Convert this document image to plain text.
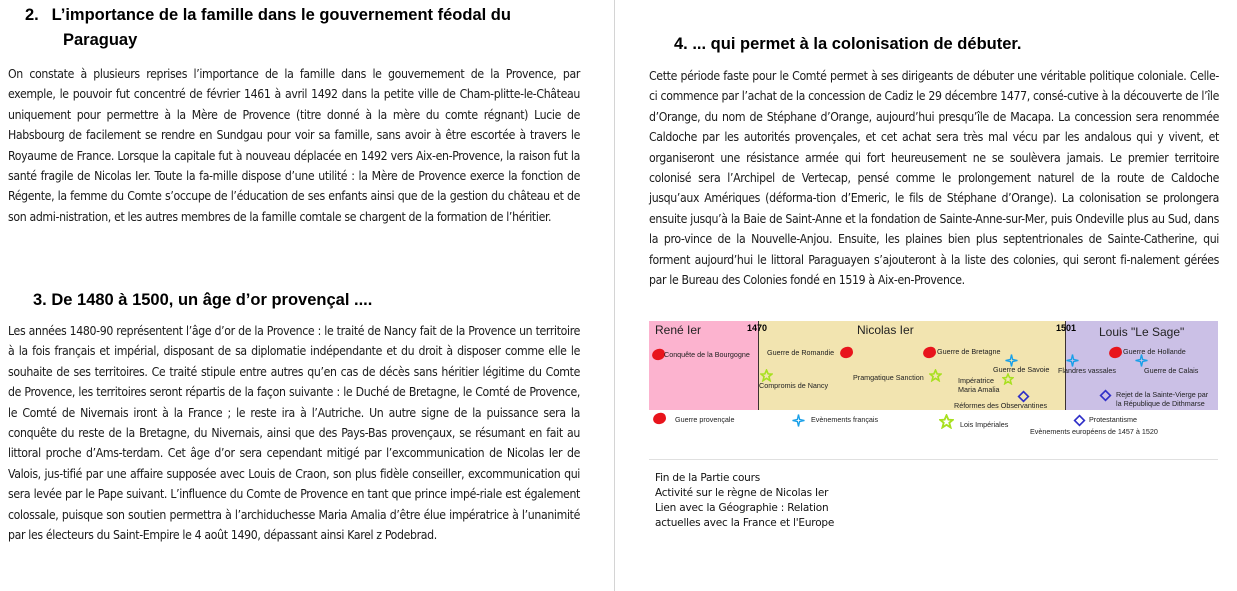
2. L’importance de la famille dans le gouvernement féodal du
Paraguay

On constate à plusieurs reprises l’importance de la famille dans le gouvernement de la Provence, par exemple, le pouvoir fut concentré de février 1461 à avril 1492 dans la petite ville de Cham-plitte-le-Château uniquement pour permettre à la Mère de Provence (titre donné à la mère du comte régnant) Lucie de Habsbourg de facilement se rendre en Sundgau pour voir sa famille, sans avoir à être escortée à travers le Royaume de France. Lorsque la capitale fut à nouveau déplacée en 1492 vers Aix-en-Provence, la raison fut la santé fragile de Nicolas Ier. Toute la fa-mille dispose d’une utilité : la Mère de Provence exerce la fonction de Régente, la femme du Comte s’occupe de l’éducation de ses enfants ainsi que de la gestion du château et de son admi-nistration, et les autres membres de la famille comtale se chargent de la formation de l’héritier.

3. De 1480 à 1500, un âge d’or provençal ....

Les années 1480-90 représentent l’âge d’or de la Provence : le traité de Nancy fait de la Provence un territoire à la fois français et impérial, disposant de sa diplomatie indépendante et du droit à disposer comme elle le souhaite de ses territoires. Ce traité stipule entre autres qu’en cas de décès sans héritier légitime du Comte de Provence, les territoires seront répartis de la façon suivante : le Duché de Bretagne, le Comté de Provence, le Comté de Nivernais iront à la France ; le reste ira à l’Autriche. Un autre signe de la puissance sera la conquête du reste de la Bretagne, du Nivernais, ainsi que des Pays-Bas provençaux, se résumant en fait au littoral proche d’Ams-terdam. Cet âge d’or sera cependant mitigé par l’excommunication de Nicolas Ier de Valois, jus-tifié par une affaire supposée avec Louis de Craon, son plus fidèle conseiller, excommunication qui sera levée par le Pape suivant. L’influence du Comte de Provence en tant que prince impé-riale est également colossale, puisque son soutien permettra à l’archiduchesse Maria Amalia d’être élue impératrice à l’unanimité par les électeurs du Saint-Empire le 4 août 1490, dépassant ainsi Karel z Podebrad.

4. ... qui permet à la colonisation de débuter.

Cette période faste pour le Comté permet à ses dirigeants de débuter une véritable politique coloniale. Celle-ci commence par l’achat de la concession de Cadiz le 29 décembre 1477, consé-cutive à la découverte de l’île d’Orange, du nom de Stéphane d’Orange, aujourd’hui presqu’île de Macapa. La concession sera renommée Caldoche par les autorités provençales, et cet achat sera très mal vécu par les andalous qui y vivent, et organiseront une résistance armée qui fort heureusement ne se soulèvera jamais. Le premier territoire colonisé sera l’Archipel de Vertecap, pensé comme le prolongement naturel de la route de Caldoche jusqu’aux Amériques (déforma-tion d’Emeric, le fils de Stéphane d’Orange). La colonisation se prolongera ensuite jusqu’à la Baie de Saint-Anne et la fondation de Sainte-Anne-sur-Mer, puis Ondeville plus au Sud, dans la pro-vince de la Nouvelle-Anjou. Ensuite, les plaines bien plus septentrionales de Sainte-Catherine, qui forment aujourd’hui le littoral Paraguayen s’ajouteront à la liste des colonies, qui seront fi-nalement gérées par le Bureau des Colonies fondé en 1519 à Aix-en-Provence.

René Ier	Nicolas Ier	Louis "Le Sage"
1470	1501
Conquête de la Bourgogne Guerre de Romandie
Compromis de Nancy
Pramgatique Sanction
Guerre de Bretagne
Guerre de Savoie
Impératrice
Maria Amalia
Réformes des Observantines
Flandres vassales
Guerre de Hollande
Guerre de Calais
Rejet de la Sainte-Vierge par
la République de Dithmarse
Guerre provençale	Evènements français
Lois Impériales
Protestantisme
Evènements européens de 1457 à 1520
Fin de la Partie cours
Activité sur le règne de Nicolas Ier
Lien avec la Géographie : Relation
actuelles avec la France et l'Europe
